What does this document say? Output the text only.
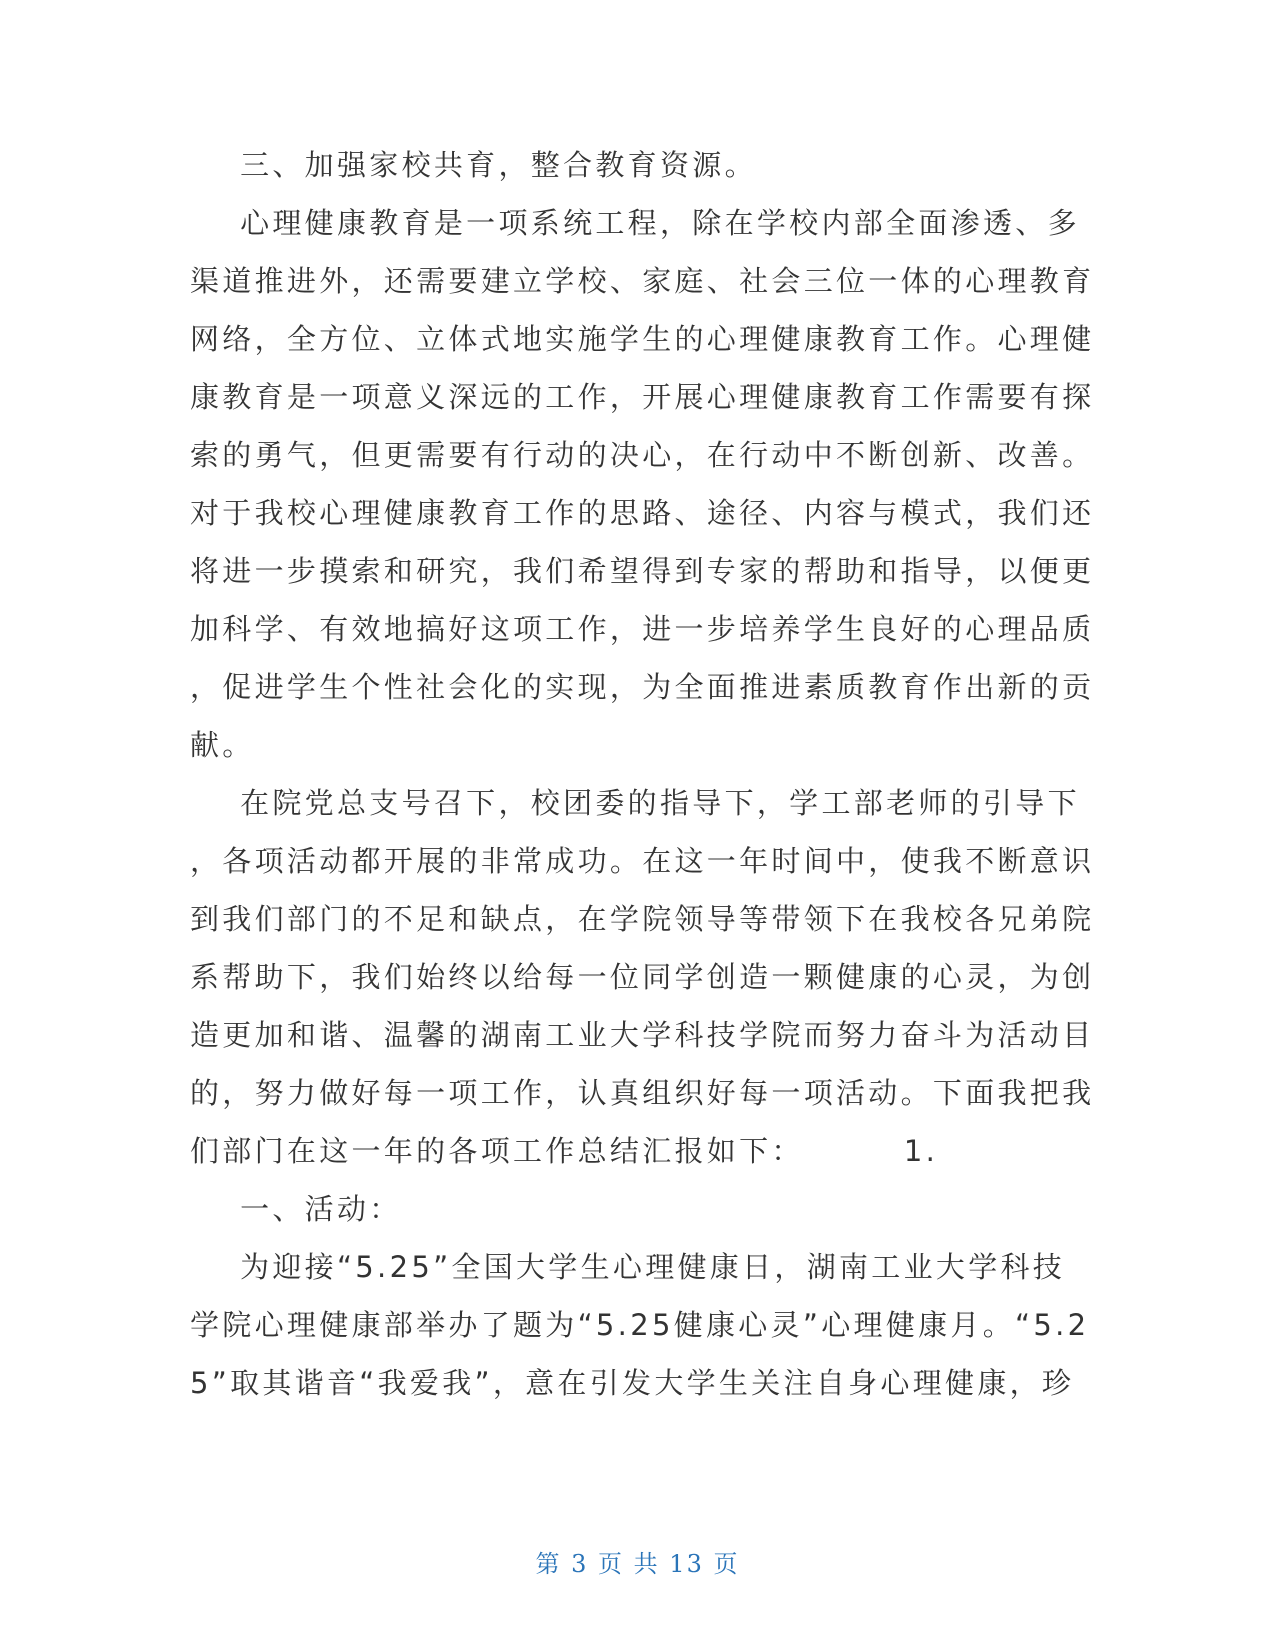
三、加强家校共育，整合教育资源。
心理健康教育是一项系统工程，除在学校内部全面渗透、多
渠道推进外，还需要建立学校、家庭、社会三位一体的心理教育
网络，全方位、立体式地实施学生的心理健康教育工作。心理健
康教育是一项意义深远的工作，开展心理健康教育工作需要有探
索的勇气，但更需要有行动的决心，在行动中不断创新、改善。
对于我校心理健康教育工作的思路、途径、内容与模式，我们还
将进一步摸索和研究，我们希望得到专家的帮助和指导，以便更
加科学、有效地搞好这项工作，进一步培养学生良好的心理品质
，促进学生个性社会化的实现，为全面推进素质教育作出新的贡
献。
在院党总支号召下，校团委的指导下，学工部老师的引导下
，各项活动都开展的非常成功。在这一年时间中，使我不断意识
到我们部门的不足和缺点，在学院领导等带领下在我校各兄弟院
系帮助下，我们始终以给每一位同学创造一颗健康的心灵，为创
造更加和谐、温馨的湖南工业大学科技学院而努力奋斗为活动目
的，努力做好每一项工作，认真组织好每一项活动。下面我把我
们部门在这一年的各项工作总结汇报如下：        1.
一、活动：
为迎接“5.25”全国大学生心理健康日，湖南工业大学科技
学院心理健康部举办了题为“5.25健康心灵”心理健康月。“5.2
5”取其谐音“我爱我”，意在引发大学生关注自身心理健康，珍
第 3 页 共 13 页
